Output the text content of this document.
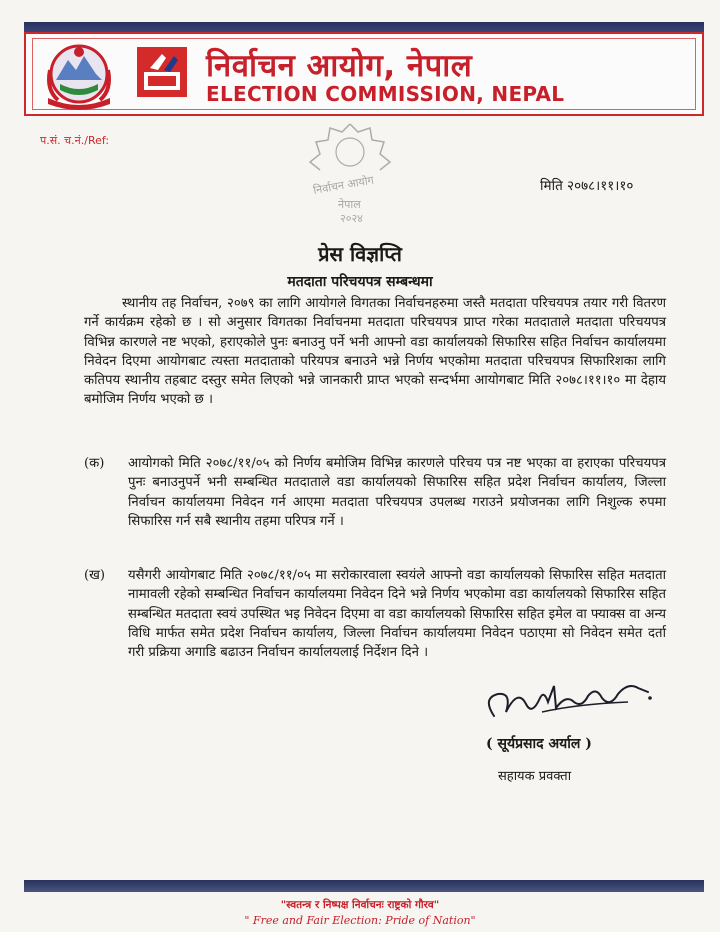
निर्वाचन आयोग, नेपाल
ELECTION COMMISSION, NEPAL
प.सं. च.नं./Ref:
निर्वाचन आयोग
नेपाल
२०२४
मिति २०७८।११।१०
प्रेस विज्ञप्ति
मतदाता परिचयपत्र सम्बन्धमा
स्थानीय तह निर्वाचन, २०७९ का लागि आयोगले विगतका निर्वाचनहरुमा जस्तै मतदाता परिचयपत्र तयार गरी वितरण गर्ने कार्यक्रम रहेको छ । सो अनुसार विगतका निर्वाचनमा मतदाता परिचयपत्र प्राप्त गरेका मतदाताले मतदाता परिचयपत्र विभिन्न कारणले नष्ट भएको, हराएकोले पुनः बनाउनु पर्ने भनी आफ्नो वडा कार्यालयको सिफारिस सहित निर्वाचन कार्यालयमा निवेदन दिएमा आयोगबाट त्यस्ता मतदाताको परियपत्र बनाउने भन्ने निर्णय भएकोमा मतदाता परिचयपत्र सिफारिशका लागि कतिपय स्थानीय तहबाट दस्तुर समेत लिएको भन्ने जानकारी प्राप्त भएको सन्दर्भमा आयोगबाट मिति २०७८।११।१० मा देहाय बमोजिम निर्णय भएको छ ।
(क) आयोगको मिति २०७८/११/०५ को निर्णय बमोजिम विभिन्न कारणले परिचय पत्र नष्ट भएका वा हराएका परिचयपत्र पुनः बनाउनुपर्ने भनी सम्बन्धित मतदाताले वडा कार्यालयको सिफारिस सहित प्रदेश निर्वाचन कार्यालय, जिल्ला निर्वाचन कार्यालयमा निवेदन गर्न आएमा मतदाता परिचयपत्र उपलब्ध गराउने प्रयोजनका लागि निशुल्क रुपमा सिफारिस गर्न सबै स्थानीय तहमा परिपत्र गर्ने ।
(ख) यसैगरी आयोगबाट मिति २०७८/११/०५ मा सरोकारवाला स्वयंले आफ्नो वडा कार्यालयको सिफारिस सहित मतदाता नामावली रहेको सम्बन्धित निर्वाचन कार्यालयमा निवेदन दिने भन्ने निर्णय भएकोमा वडा कार्यालयको सिफारिस सहित सम्बन्धित मतदाता स्वयं उपस्थित भइ निवेदन दिएमा वा वडा कार्यालयको सिफारिस सहित इमेल वा फ्याक्स वा अन्य विधि मार्फत समेत प्रदेश निर्वाचन कार्यालय, जिल्ला निर्वाचन कार्यालयमा निवेदन पठाएमा सो निवेदन समेत दर्ता गरी प्रक्रिया अगाडि बढाउन निर्वाचन कार्यालयलाई निर्देशन दिने ।
( सूर्यप्रसाद अर्याल )
सहायक प्रवक्ता
"स्वतन्त्र र निष्पक्ष निर्वाचनः राष्ट्रको गौरव"
" Free and Fair Election: Pride of Nation"
